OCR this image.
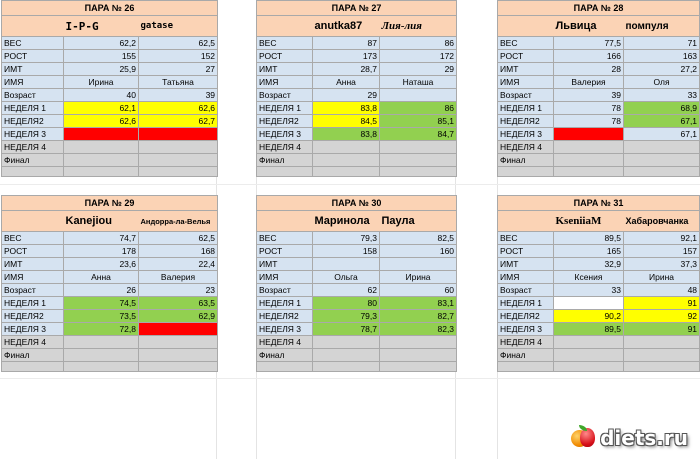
ПАРА № 26		
	I-P-G	gatase
ВЕС	62,2	62,5
РОСТ	155	152
ИМТ	25,9	27
ИМЯ	Ирина	Татьяна
Возраст	40	39
НЕДЕЛЯ 1	62,1	62,6
НЕДЕЛЯ2	62,6	62,7
НЕДЕЛЯ 3		
НЕДЕЛЯ 4		
Финал		

ПАРА № 27		
	anutka87	Лия-лия
ВЕС	87	86
РОСТ	173	172
ИМТ	28,7	29
ИМЯ	Анна	Наташа
Возраст	29	
НЕДЕЛЯ 1	83,8	86
НЕДЕЛЯ2	84,5	85,1
НЕДЕЛЯ 3	83,8	84,7
НЕДЕЛЯ 4		
Финал		

ПАРА № 28		
	Львица	помпуля
ВЕС	77,5	71
РОСТ	166	163
ИМТ	28	27,2
ИМЯ	Валерия	Оля
Возраст	39	33
НЕДЕЛЯ 1	78	68,9
НЕДЕЛЯ2	78	67,1
НЕДЕЛЯ 3		67,1
НЕДЕЛЯ 4		
Финал		

ПАРА № 29		
	Kanejiou	Андорра-ла-Велья
ВЕС	74,7	62,5
РОСТ	178	168
ИМТ	23,6	22,4
ИМЯ	Анна	Валерия
Возраст	26	23
НЕДЕЛЯ 1	74,5	63,5
НЕДЕЛЯ2	73,5	62,9
НЕДЕЛЯ 3	72,8	
НЕДЕЛЯ 4		
Финал		

ПАРА № 30		
	Маринола	Паула
ВЕС	79,3	82,5
РОСТ	158	160
ИМТ		
ИМЯ	Ольга	Ирина
Возраст	62	60
НЕДЕЛЯ 1	80	83,1
НЕДЕЛЯ2	79,3	82,7
НЕДЕЛЯ 3	78,7	82,3
НЕДЕЛЯ 4		
Финал		

ПАРА № 31		
	KseniiaM	Хабаровчанка
ВЕС	89,5	92,1
РОСТ	165	157
ИМТ	32,9	37,3
ИМЯ	Ксения	Ирина
Возраст	33	48
НЕДЕЛЯ 1		91
НЕДЕЛЯ2	90,2	92
НЕДЕЛЯ 3	89,5	91
НЕДЕЛЯ 4		
Финал		

diets.ru
